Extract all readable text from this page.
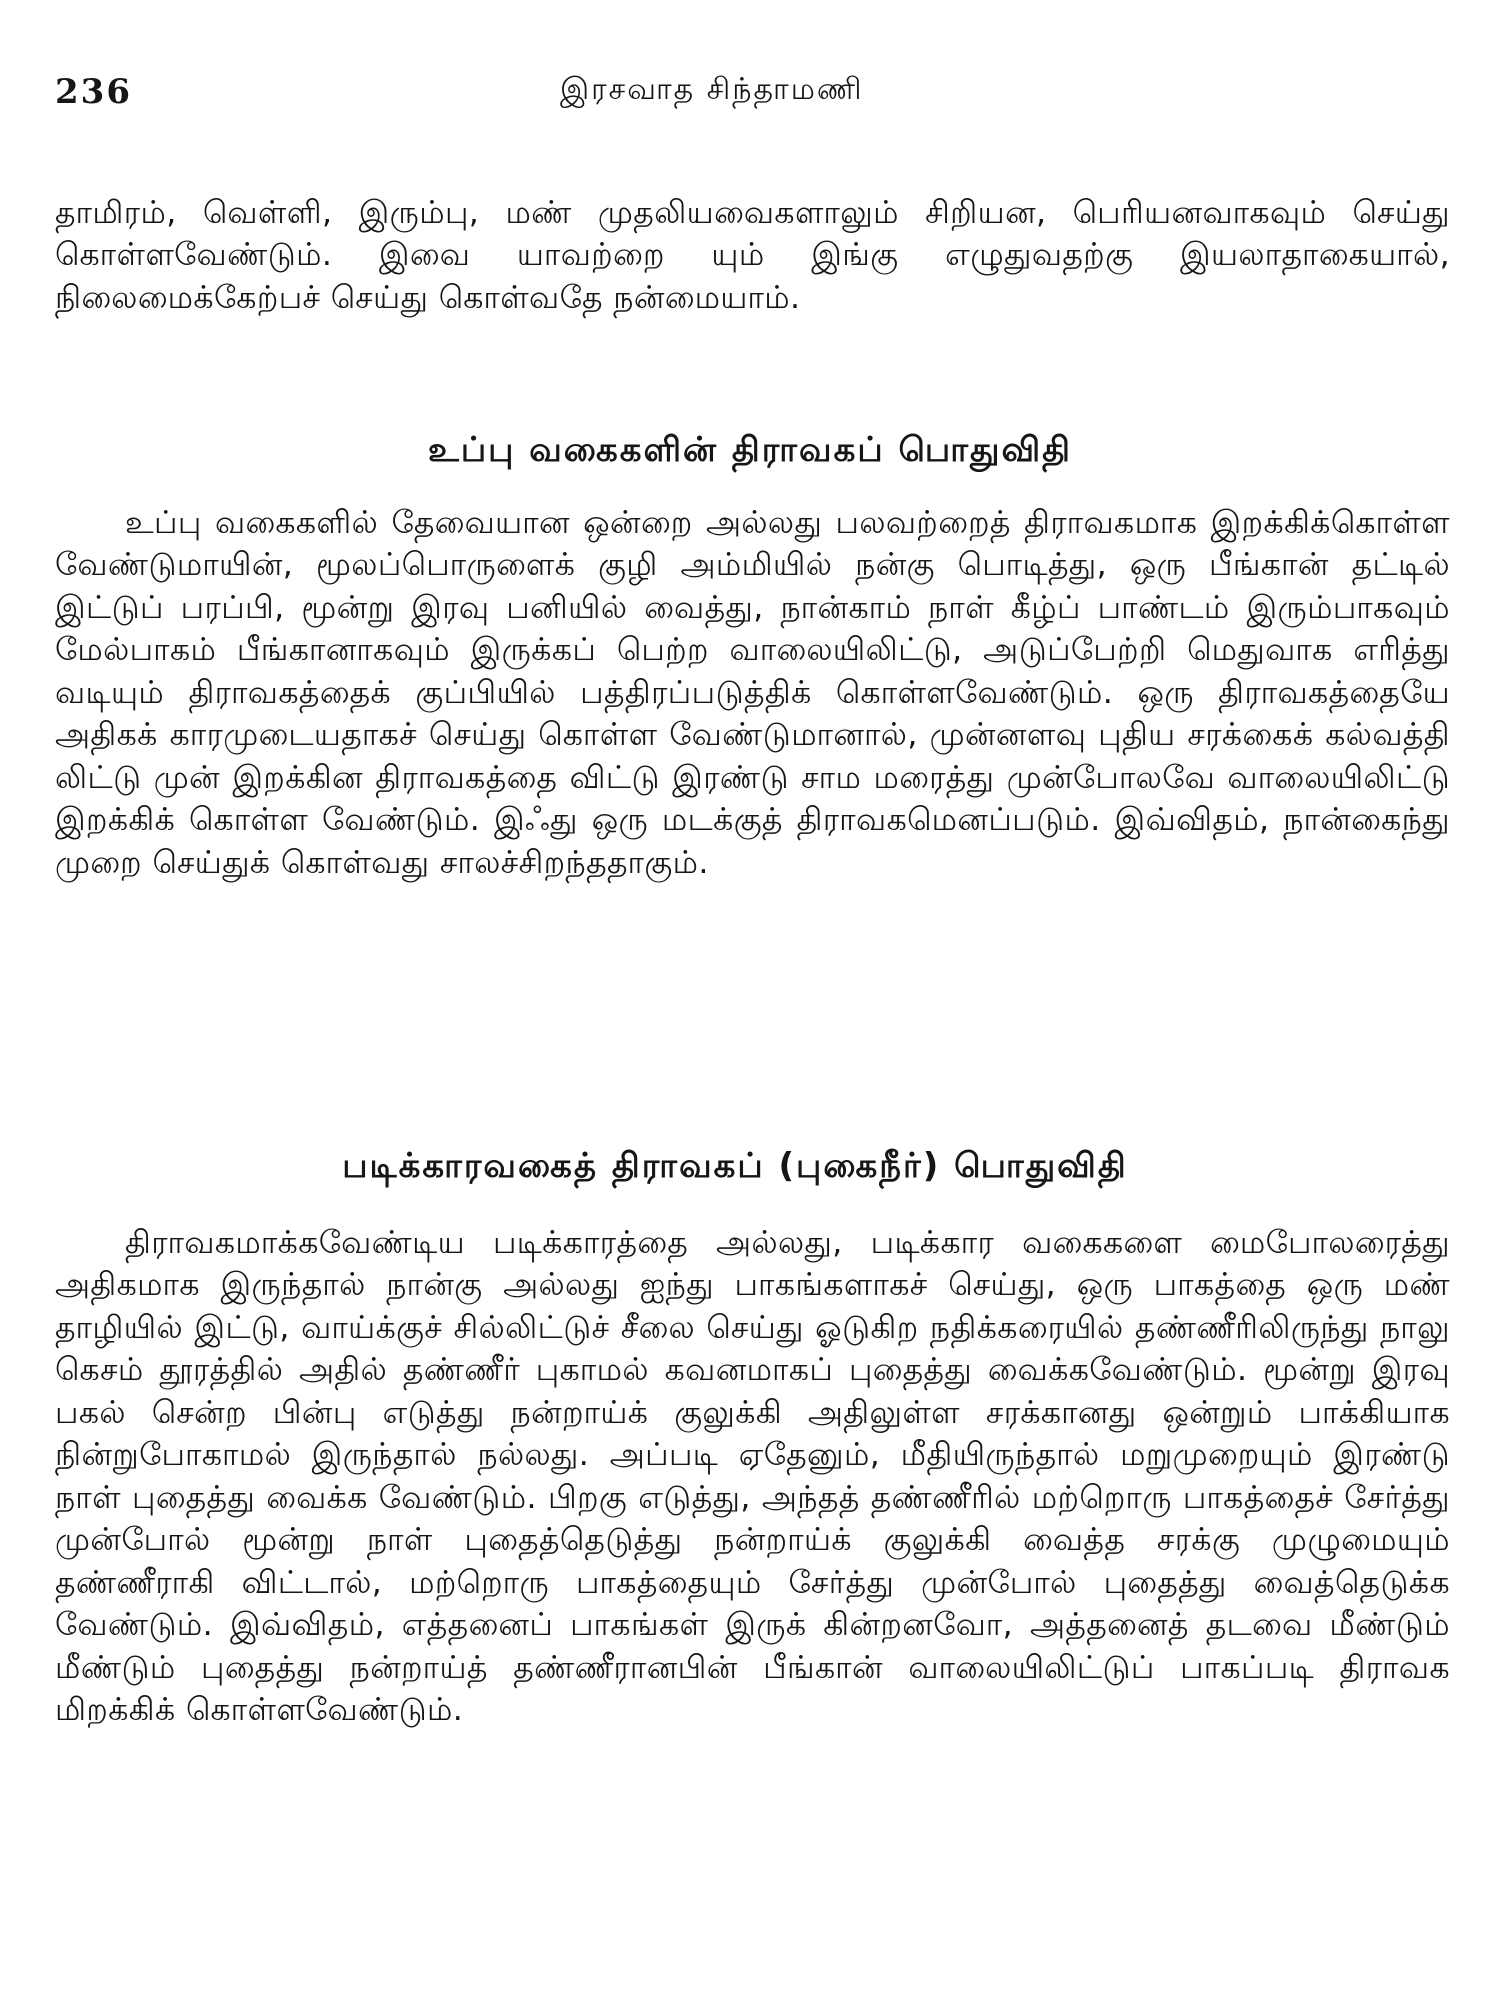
236	இரசவாத சிந்தாமணி

தாமிரம், வெள்ளி, இரும்பு, மண் முதலியவைகளாலும் சிறியன, பெரியனவாகவும் செய்து கொள்ளவேண்டும். இவை யாவற்றை யும் இங்கு எழுதுவதற்கு இயலாதாகையால், நிலைமைக்கேற்பச் செய்து கொள்வதே நன்மையாம்.

உப்பு வகைகளின் திராவகப் பொதுவிதி

உப்பு வகைகளில் தேவையான ஒன்றை அல்லது பலவற்றைத் திராவகமாக இறக்கிக்கொள்ள வேண்டுமாயின், மூலப்பொருளைக் குழி அம்மியில் நன்கு பொடித்து, ஒரு பீங்கான் தட்டில் இட்டுப் பரப்பி, மூன்று இரவு பனியில் வைத்து, நான்காம் நாள் கீழ்ப் பாண்டம் இரும்பாகவும் மேல்பாகம் பீங்கானாகவும் இருக்கப் பெற்ற வாலையிலிட்டு, அடுப்பேற்றி மெதுவாக எரித்து வடியும் திராவகத்தைக் குப்பியில் பத்திரப்படுத்திக் கொள்ளவேண்டும். ஒரு திராவகத்தையே அதிகக் காரமுடையதாகச் செய்து கொள்ள வேண்டுமானால், முன்னளவு புதிய சரக்கைக் கல்வத்தி லிட்டு முன் இறக்கின திராவகத்தை விட்டு இரண்டு சாம மரைத்து முன்போலவே வாலையிலிட்டு இறக்கிக் கொள்ள வேண்டும். இஃது ஒரு மடக்குத் திராவகமெனப்படும். இவ்விதம், நான்கைந்து முறை செய்துக் கொள்வது சாலச்சிறந்ததாகும்.

படிக்காரவகைத் திராவகப் (புகைநீர்) பொதுவிதி

திராவகமாக்கவேண்டிய படிக்காரத்தை அல்லது, படிக்கார வகைகளை மைபோலரைத்து அதிகமாக இருந்தால் நான்கு அல்லது ஐந்து பாகங்களாகச் செய்து, ஒரு பாகத்தை ஒரு மண் தாழியில் இட்டு, வாய்க்குச் சில்லிட்டுச் சீலை செய்து ஓடுகிற நதிக்கரையில் தண்ணீரிலிருந்து நாலு கெசம் தூரத்தில் அதில் தண்ணீர் புகாமல் கவனமாகப் புதைத்து வைக்கவேண்டும். மூன்று இரவு பகல் சென்ற பின்பு எடுத்து நன்றாய்க் குலுக்கி அதிலுள்ள சரக்கானது ஒன்றும் பாக்கியாக நின்றுபோகாமல் இருந்தால் நல்லது. அப்படி ஏதேனும், மீதியிருந்தால் மறுமுறையும் இரண்டு நாள் புதைத்து வைக்க வேண்டும். பிறகு எடுத்து, அந்தத் தண்ணீரில் மற்றொரு பாகத்தைச் சேர்த்து முன்போல் மூன்று நாள் புதைத்தெடுத்து நன்றாய்க் குலுக்கி வைத்த சரக்கு முழுமையும் தண்ணீராகி விட்டால், மற்றொரு பாகத்தையும் சேர்த்து முன்போல் புதைத்து வைத்தெடுக்க வேண்டும். இவ்விதம், எத்தனைப் பாகங்கள் இருக் கின்றனவோ, அத்தனைத் தடவை மீண்டும் மீண்டும் புதைத்து நன்றாய்த் தண்ணீரானபின் பீங்கான் வாலையிலிட்டுப் பாகப்படி திராவக மிறக்கிக் கொள்ளவேண்டும்.
